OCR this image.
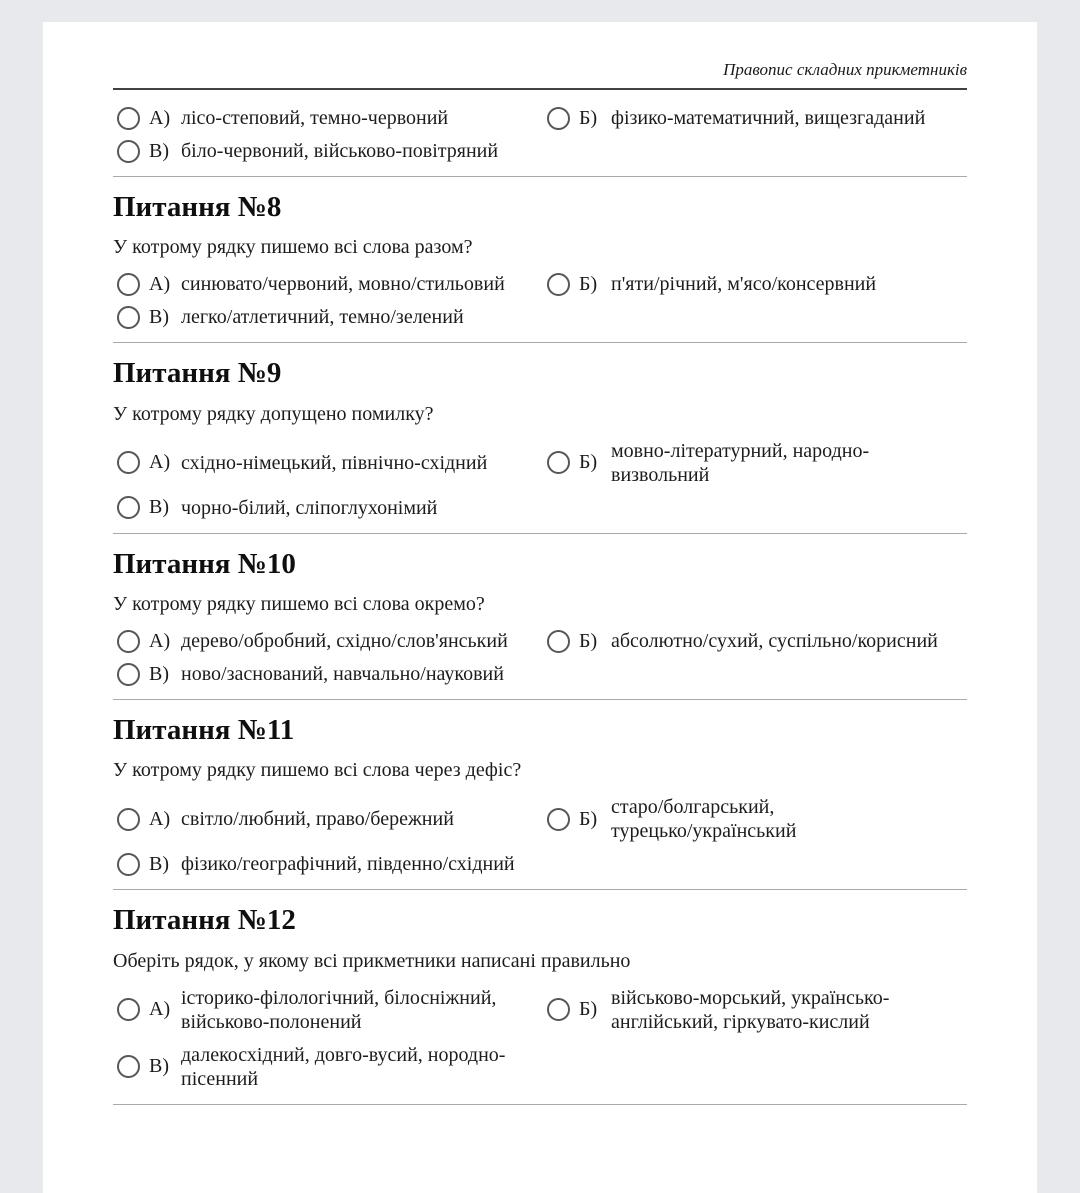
Правопис складних прикметників
А) лісо-степовий, темно-червоний	Б) фізико-математичний, вищезгаданий
В) біло-червоний, військово-повітряний
Питання №8

У котрому рядку пишемо всі слова разом?

А) синювато/червоний, мовно/стильовий	Б) п'яти/річний, м'ясо/консервний
В) легко/атлетичний, темно/зелений
Питання №9

У котрому рядку допущено помилку?

А) східно-німецький, північно-східний	Б)
мовно-літературний, народно-визвольний
В) чорно-білий, сліпоглухонімий
Питання №10

У котрому рядку пишемо всі слова окремо?

А) дерево/обробний, східно/слов'янський	Б) абсолютно/сухий, суспільно/корисний
В) ново/заснований, навчально/науковий
Питання №11

У котрому рядку пишемо всі слова через дефіс?

А) світло/любний, право/бережний	Б)
старо/болгарський, турецько/український
В) фізико/географічний, південно/східний
Питання №12

Оберіть рядок, у якому всі прикметники написані правильно

А)
історико-філологічний, білосніжний, військово-полонений
Б)
військово-морський, українсько-англійський, гіркувато-кислий
В)
далекосхідний, довго-вусий, нородно-пісенний
